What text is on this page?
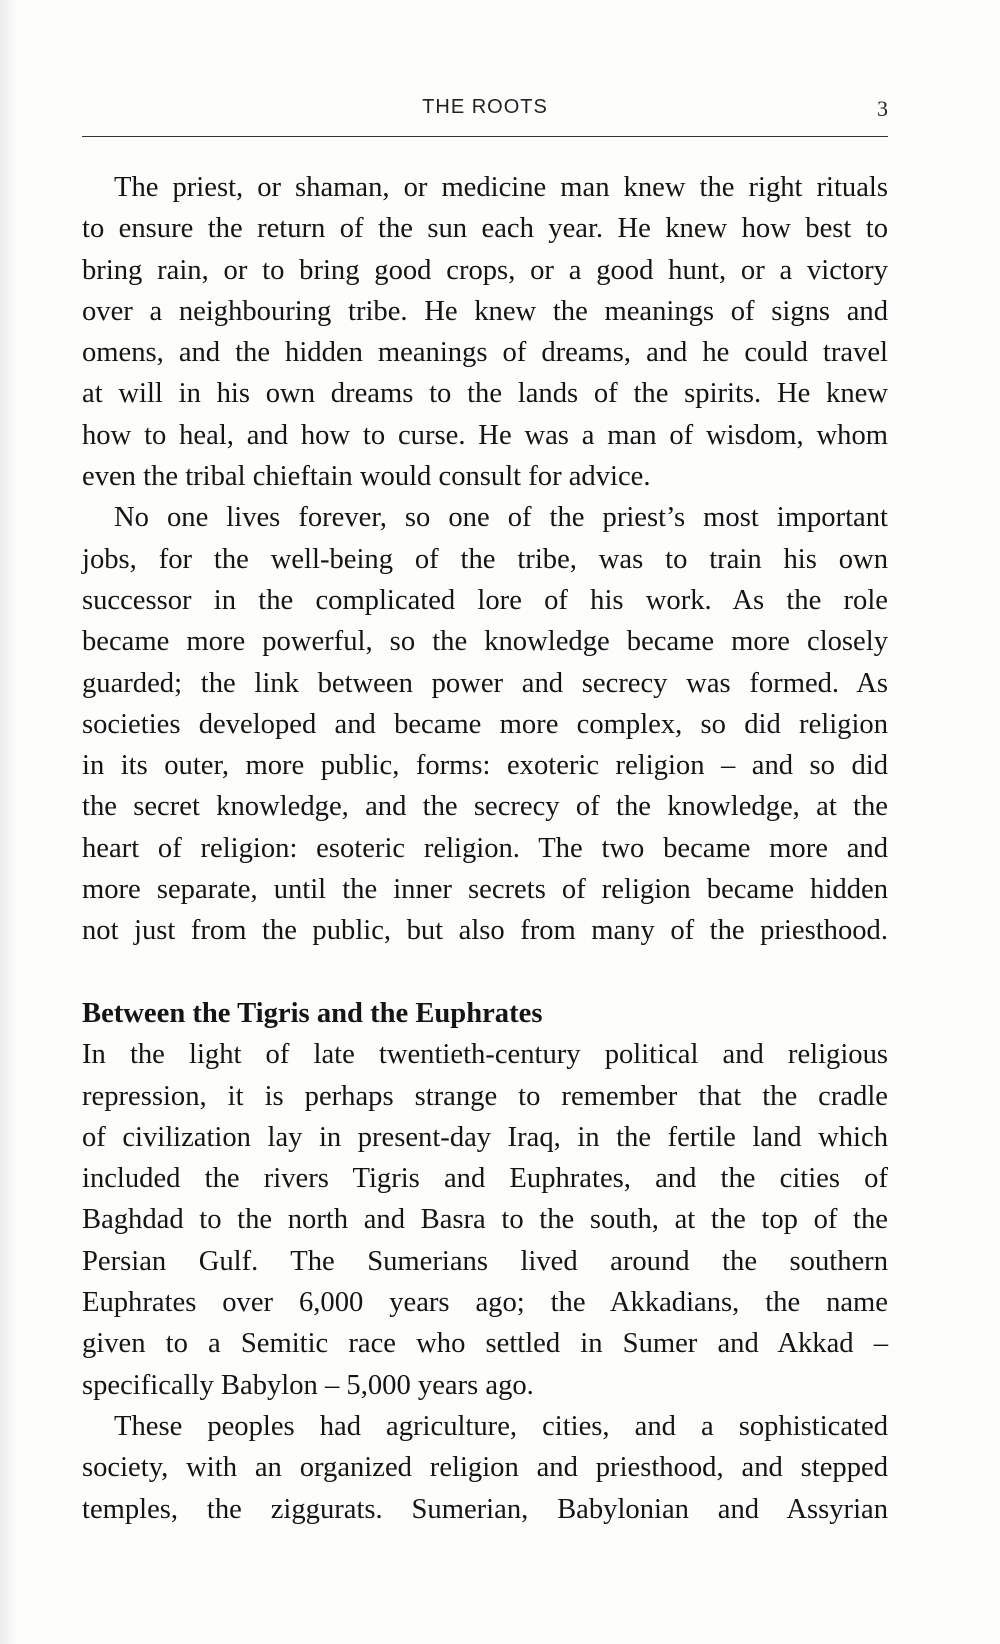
THE ROOTS	3
The priest, or shaman, or medicine man knew the right rituals
to ensure the return of the sun each year. He knew how best to
bring rain, or to bring good crops, or a good hunt, or a victory
over a neighbouring tribe. He knew the meanings of signs and
omens, and the hidden meanings of dreams, and he could travel
at will in his own dreams to the lands of the spirits. He knew
how to heal, and how to curse. He was a man of wisdom, whom
even the tribal chieftain would consult for advice.
No one lives forever, so one of the priest’s most important
jobs, for the well-being of the tribe, was to train his own
successor in the complicated lore of his work. As the role
became more powerful, so the knowledge became more closely
guarded; the link between power and secrecy was formed. As
societies developed and became more complex, so did religion
in its outer, more public, forms: exoteric religion – and so did
the secret knowledge, and the secrecy of the knowledge, at the
heart of religion: esoteric religion. The two became more and
more separate, until the inner secrets of religion became hidden
not just from the public, but also from many of the priesthood.
Between the Tigris and the Euphrates
In the light of late twentieth-century political and religious
repression, it is perhaps strange to remember that the cradle
of civilization lay in present-day Iraq, in the fertile land which
included the rivers Tigris and Euphrates, and the cities of
Baghdad to the north and Basra to the south, at the top of the
Persian Gulf. The Sumerians lived around the southern
Euphrates over 6,000 years ago; the Akkadians, the name
given to a Semitic race who settled in Sumer and Akkad –
specifically Babylon – 5,000 years ago.
These peoples had agriculture, cities, and a sophisticated
society, with an organized religion and priesthood, and stepped
temples, the ziggurats. Sumerian, Babylonian and Assyrian
